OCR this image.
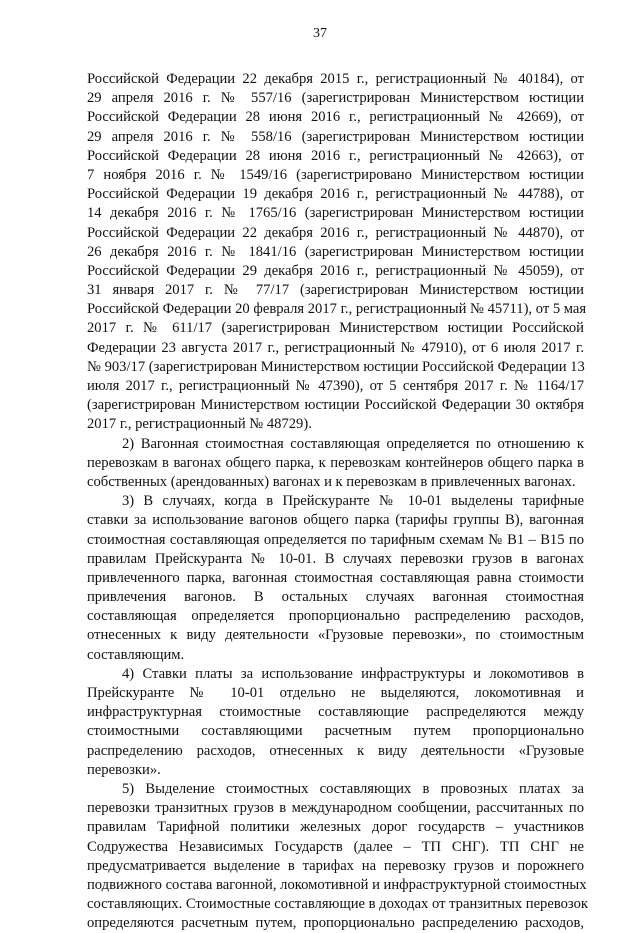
37
Российской Федерации 22 декабря 2015 г., регистрационный № 40184), от
29 апреля 2016 г. № 557/16 (зарегистрирован Министерством юстиции
Российской Федерации 28 июня 2016 г., регистрационный № 42669), от
29 апреля 2016 г. № 558/16 (зарегистрирован Министерством юстиции
Российской Федерации 28 июня 2016 г., регистрационный № 42663), от
7 ноября 2016 г. № 1549/16 (зарегистрировано Министерством юстиции
Российской Федерации 19 декабря 2016 г., регистрационный № 44788), от
14 декабря 2016 г. № 1765/16 (зарегистрирован Министерством юстиции
Российской Федерации 22 декабря 2016 г., регистрационный № 44870), от
26 декабря 2016 г. № 1841/16 (зарегистрирован Министерством юстиции
Российской Федерации 29 декабря 2016 г., регистрационный № 45059), от
31 января 2017 г. № 77/17 (зарегистрирован Министерством юстиции
Российской Федерации 20 февраля 2017 г., регистрационный № 45711), от 5 мая
2017 г. № 611/17 (зарегистрирован Министерством юстиции Российской
Федерации 23 августа 2017 г., регистрационный № 47910), от 6 июля 2017 г.
№ 903/17 (зарегистрирован Министерством юстиции Российской Федерации 13
июля 2017 г., регистрационный № 47390), от 5 сентября 2017 г. № 1164/17
(зарегистрирован Министерством юстиции Российской Федерации 30 октября
2017 г., регистрационный № 48729).
2) Вагонная стоимостная составляющая определяется по отношению к
перевозкам в вагонах общего парка, к перевозкам контейнеров общего парка в
собственных (арендованных) вагонах и к перевозкам в привлеченных вагонах.
3) В случаях, когда в Прейскуранте № 10-01 выделены тарифные
ставки за использование вагонов общего парка (тарифы группы В), вагонная
стоимостная составляющая определяется по тарифным схемам № В1 – В15 по
правилам Прейскуранта № 10-01. В случаях перевозки грузов в вагонах
привлеченного парка, вагонная стоимостная составляющая равна стоимости
привлечения вагонов. В остальных случаях вагонная стоимостная
составляющая определяется пропорционально распределению расходов,
отнесенных к виду деятельности «Грузовые перевозки», по стоимостным
составляющим.
4) Ставки платы за использование инфраструктуры и локомотивов в
Прейскуранте № 10-01 отдельно не выделяются, локомотивная и
инфраструктурная стоимостные составляющие распределяются между
стоимостными составляющими расчетным путем пропорционально
распределению расходов, отнесенных к виду деятельности «Грузовые
перевозки».
5) Выделение стоимостных составляющих в провозных платах за
перевозки транзитных грузов в международном сообщении, рассчитанных по
правилам Тарифной политики железных дорог государств – участников
Содружества Независимых Государств (далее – ТП СНГ). ТП СНГ не
предусматривается выделение в тарифах на перевозку грузов и порожнего
подвижного состава вагонной, локомотивной и инфраструктурной стоимостных
составляющих. Стоимостные составляющие в доходах от транзитных перевозок
определяются расчетным путем, пропорционально распределению расходов,
